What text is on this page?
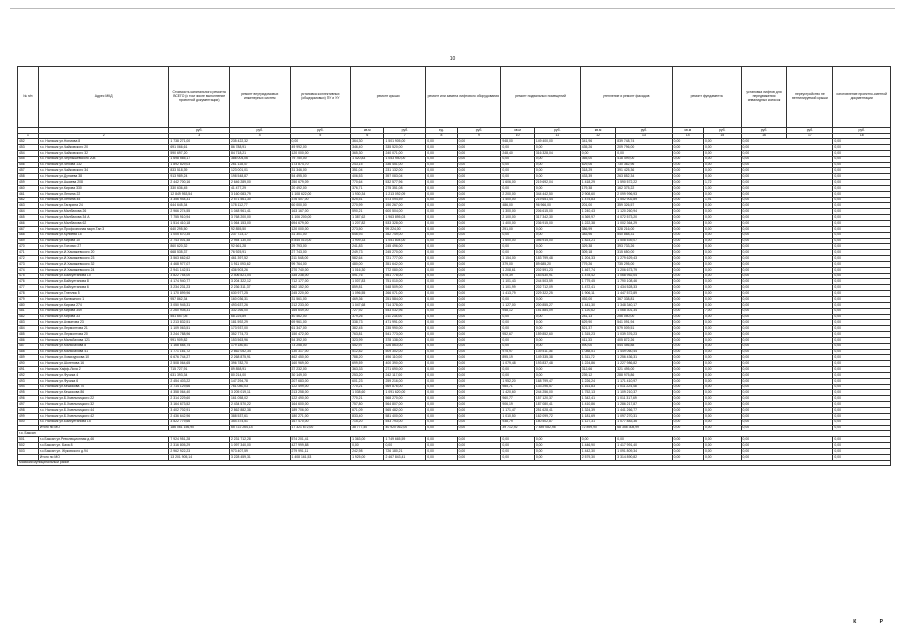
10
№ п/п	Адрес МКД	Стоимость капитального ремонта ВСЕГО (с том числе выполнение проектной документации)	ремонт внутридомовых инженерных систем	установка коллективных (общедомовых) ПУ и УУ	ремонт крыши		ремонт или замена лифтового оборудования		ремонт подвальных помещений		утепление и ремонт фасадов		ремонт фундамента		установка лифтов для передвижения инвалидных колясок	переустройство не вентилируемой крыши	изготовление проектно-сметной документации
		руб.	руб.	руб.	кв.м	руб.	ед.	руб.	кв.м	руб.	кв.м	руб.	кв.м	руб.	руб.	руб.	руб.
1	2	3	4	5	6	7	8	9	10	11	12	13	14	15	16	17	18
452	г.о. Нальчик ул.Ногмова 8	1 738 271,00	235 422,32	0,00	364,30	1 501 905,00	0,00	0,00	948,00	149 400,00	341,96	839 748,74	0,00	0,00	0,00		0,00
453	г.о. Нальчик ул.Чайковского 20	691 066,61	86 788,91	49 992,00	346,40	335 520,00	0,00	0,00	0,00	0,00	435,26	209 796,00	0,00	0,00	0,00		0,00
454	г.о. Нальчик ул.Чайковского 32	590 697,20	84 718,21	120 000,00	365,30	240 071,00	0,00	0,00	248,40	316 328,04	0,00	0,00	0,00	0,00	0,00		0,00
455	г.о. Нальчик ул.Чернышевского 208	1 698 565,17	386 004,06	79 750,00	1 420,83	1 053 940,00	0,00	0,00	0,00	0,00	365,00	418 499,00	0,00	0,00	0,00		0,00
456	г.о. Нальчик ул.Чехова 132	1 892 829,03	261 118,47	173 874,70	243,15	336 451,00	0,00	0,00	0,00	0,00	629,06	730 362,96	0,00	0,00	0,00		0,00
457	г.о. Нальчик ул.Чайковского 34	833 518,39	123 001,01	31 346,00	351,04	231 132,00	0,00	0,00	0,00	0,00	318,29	391 425,36	0,00	0,00	0,00		0,00
458	г.о. Нальчик ул.Дунаева 38	913 989,24	198 548,87	54 495,00	406,53	397 083,04	0,00	0,00	0,00	0,00	433,39	263 852,34	0,00	0,00	0,00		0,00
459	г.о. Нальчик ул.Ашаева 208	2 442 700,16	2 646 289,00	250 679,09	770,64	532 577,96	0,00	0,00	1 606,00	219 692,04	1 418,29	1 590 572,22	0,00	1,72	0,00		0,00
460	г.о. Нальчик ул.Кирова 330	330 636,45	41 477,29	20 492,00	376,71	275 351,08	0,00	0,00	0,00	0,00	179,38	162 375,22	0,00	1,00	0,00		0,00
461	г.о. Нальчик ул.Ленина 22	12 849 953,54	3 160 083,79	1 108 622,00	1 930,34	1 213 092,09	0,00	0,00	2 200,00	344 442,50	2 908,60	2 099 996,93	0,00	0,00	0,00		0,00
462	г.о. Нальчик ул.Ленина 45	3 356 944,31	2 571 561,30	376 407,00	825,51	573 094,59	0,00	0,00	1 400,00	219 651,44	1 475,83	1 552 902,89	0,00	1,91	0,00		0,00
463	г.о. Нальчик ул.Гагарина 24	644 645,34	178 112,77	60 000,00	270,99	190 267,00	0,00	0,00	486,00	96 966,00	201,00	359 326,57	0,00	0,00	0,00		0,00
464	г.о. Нальчик ул.Малбахова 26	2 966 274,55	1 048 961,41	163 167,00	590,21	600 504,00	0,00	0,00	1 300,00	206 615,00	1 240,43	1 120 260,94	0,00	0,00	0,00		0,00
465	г.о. Нальчик ул.Малбахова 34 А	7 755 910,94	3 768 200,00	1 106 200,00	1 387,62	1 963 895,03	0,00	0,00	2 100,00	317 342,30	4 369,97	4 072 573,20	0,00	0,00	0,00		0,00
466	г.о. Нальчик ул.Малбахова 62	1 514 410,18	1 064 153,00	694 679,00	1 207,82	533 328,00	0,00	0,00	1 400,00	236 915,00	1 222,38	1 002 364,29	0,00	0,00	0,00		0,00
467	г.о. Нальчик ул.Профсоюзная мкрн.Тан 3	640 295,50	92 855,50	120 000,00	273,50	99 224,00	0,00	0,00	291,00	0,00	386,99	328 216,00	0,00	0,00	0,00		0,00
468	г.о. Нальчик ул.Кулиева 15	1 005 670,35	237 723,17	31 301,00	646,93	352 749,00	0,00	0,00	0,00	0,00	383,96	540 868,31	0,00	0,00	0,00		0,00
469	г.о. Нальчик ул.Кирова 10	2 743 001,48	2 954 130,00	8 845 010,00	1 909,33	1 051 804,00	0,00	0,00	1 600,00	356 915,00	1 823,21	1 508 539,07	0,00	0,00	0,00		0,00
470	г.о. Нальчик ул.Головко 27	860 620,32	92 661,28	29 793,00	241,83	245 496,00	0,00	0,00	0,00	0,00	329,38	393 733,26	0,00	0,00	0,00		0,00
471	г.о. Нальчик ул.И.Хамажевского 20	668 535,37	76 925,91	27 743,00	249,73	245 270,00	0,00	0,00	0,00	0,00	309,18	315 650,00	0,00	0,00	0,00		0,00
472	г.о. Нальчик ул.И.Хамажевского 23	3 563 662,62	461 397,52	211 548,00	582,64	721 777,00	0,00	0,00	1 154,00	183 799,48	1 204,33	1 279 629,43	0,00	0,00	0,00		0,00
473	г.о. Нальчик ул.И.Хамажевского 32	4 468 977,07	1 911 093,62	99 764,00	480,00	351 642,00	0,00	0,00	379,00	89 685,20	779,26	735 295,00	0,00	0,00	0,00		0,00
474	г.о. Нальчик ул.И.Хамажевского 24	2 941 142,51	436 903,26	270 740,00	1 016,30	772 080,00	0,00	0,00	1 208,61	202 591,23	1 467,74	1 206 673,79	0,00	0,00	0,00		0,00
475	г.о. Нальчик ул.Байсултанова 10	3 822 754,00	2 406 821,04	335 238,00	591,76	551 778,00	0,00	0,00	575,39	183 630,91	1 478,42	1 068 952,04	0,00	0,00	0,00		0,00
476	г.о. Нальчик ул.Байсултанова 8	4 174 940,77	3 204 322,12	712 177,00	1 007,83	751 010,00	0,00	0,00	1 101,43	244 503,59	1 779,45	1 790 108,46	0,00	0,00	0,00		0,00
477	г.о. Нальчик ул.Байсултанова 6	3 234 231,23	2 236 311,37	662 152,00	859,81	548 509,00	0,00	0,00	1 101,99	202 712,09	1 472,41	1 434 528,33	0,00	0,00	0,00		0,00
478	г.о. Нальчик ул.Тлеплик 5	1 170 899,96	630 977,25	245 220,00	1 096,55	266 071,00	0,00	0,00	1 413,79	229 322,25	1 906,11	1 447 572,89	0,00	0,00	0,00		0,00
479	г.о. Нальчик ул.Калюжного 1	957 862,34	160 036,31	31 561,00	469,36	251 584,00	0,00	0,00	0,00	0,00	492,00	367 338,81	0,00	0,00	0,00		0,00
480	г.о. Нальчик ул.Кирова 274	3 050 945,31	493 637,26	212 233,00	1 047,68	714 378,00	0,00	0,00	1 127,00	200 855,27	1 441,30	1 348 340,17	0,00	0,00	0,00		0,00
481	г.о. Нальчик ул.Кирова 349	2 260 908,31	332 266,00	165 649,00	727,92	543 032,96	0,00	0,00	948,12	151 884,09	1 120,62	1 068 301,34	0,00	7,00	0,00		0,00
482	г.о. Нальчик ул.Кирова 33	551 657,05	68 225,89	40 462,00	379,26	211 234,00	0,00	0,00	0,00	0,00	281,13	256 050,00	0,00	0,00	0,00		0,00
483	г.о. Нальчик ул.Ахматова 23	1 213 832,51	181 592,29	69 961,00	338,73	471 991,00	0,00	0,00	0,00	0,00	629,90	541 091,94	0,00	0,00	0,00		0,00
484	г.о. Нальчик ул.Лермонтова 21	1 109 063,51	173 937,00	61 347,00	382,45	235 990,00	0,00	0,00	0,00	0,00	521,37	579 009,51	0,00	0,00	0,00		0,00
485	г.о. Нальчик ул.Лермонтова 20	3 244 788,96	352 774,73	150 472,00	763,81	541 773,00	0,00	0,00	952,67	159 852,60	1 315,23	1 039 376,23	0,00	0,00	0,00		0,00
486	г.о. Нальчик ул.Мальбахова 121	991 909,82	153 563,96	54 392,00	323,99	378 138,00	0,00	0,00	0,00	0,00	411,33	405 872,26	0,00	0,00	0,00		0,00
487	г.о. Нальчик ул.Мальбахова 8	1 168 684,74	179 180,81	73 258,00	452,97	326 863,00	0,00	0,00	0,00	0,00	590,00	544 456,88	0,00	0,00	0,00		0,00
488	г.о. Нальчик ул.Мальбахова 41	1 771 161,72	2 662 052,34	130 317,00	512,82	509 302,00	0,00	0,00	975,97	139 511,36	1 088,51	1 449 060,44	0,00	0,00	0,00		0,00
489	г.о. Нальчик ул.Хомизуркова 10	6 676 744,27	2 268 875,91	462 450,00	788,20	496 110,00	0,00	0,00	895,19	149 335,38	1 311,72	1 256 436,31	0,00	0,00	0,00		0,00
490	г.о. Нальчик ул.Шогенова 16	2 508 064,65	396 782,70	160 969,00	699,59	400 390,00	0,00	0,00	1 079,48	193 837,48	1 224,86	1 227 986,82	0,00	0,00	0,00		0,00
491	г.о. Нальчик Хафф-Лоха 2	715 727,91	89 858,91	37 232,00	363,33	271 690,00	0,00	0,00	0,00	0,00	312,66	321 495,00	0,00	0,00	0,00		0,00
492	г.о. Нальчик ул.Фучика 4	631 393,34	80 214,00	30 149,00	253,20	242 117,00	0,00	0,00	0,00	0,00	239,12	288 975,86	0,00	0,00	0,00		0,00
493	г.о. Нальчик ул.Фучика 6	2 454 403,22	147 294,78	207 683,00	601,23	259 216,00	0,00	0,00	1 952,20	168 799,47	1 226,24	1 171 410,97	0,00	0,00	0,00		0,00
494	г.о. Нальчик ул.Кешокова 70	2 714 129,66	761 080,03	122 499,00	770,21	569 876,00	0,00	0,00	985,71	133 296,57	1 161,83	1 011 224,48	0,00	0,00	0,00		0,00
495	г.о. Нальчик ул.Кешокова 86	4 358 064,40	3 205 019,11	213 258,00	1 038,60	1 091 620,00	0,00	0,00	1 420,60	244 256,00	1 752,13	1 109 210,37	0,00	0,00	0,00		0,00
496	г.о. Нальчик ул.Б.Хмельницкого 22	2 314 229,60	161 058,02	122 490,00	770,21	568 270,00	0,00	0,00	960,77	157 120,37	1 342,41	1 011 317,69	0,00	0,00	0,00		0,00
497	г.о. Нальчик ул.Б.Хмельницкого 32	3 164 673,52	2 434 570,22	164 600,00	757,80	564 807,00	0,00	0,00	906,19	187 080,41	1 410,86	1 286 217,87	0,00	0,00	0,00		0,00
498	г.о. Нальчик ул.Б.Хмельницкого 44	3 402 702,91	2 862 882,38	189 706,00	671,09	565 482,00	0,00	0,00	1 171,47	251 628,41	1 324,39	1 441 266,77	0,00	0,00	0,00		0,00
499	г.о. Нальчик ул.Б.Хмельницкого 42	2 436 642,96	388 537,61	180 271,00	833,40	581 400,00	0,00	0,00	1 010,50	162 099,72	1 181,69	1 097 270,31	0,00	0,00	0,00		0,00
500	г.о. Нальчик ул.Байсултанова 15	3 522 779,66	354 374,51	167 470,00	715,20	543 793,00	0,00	0,00	938,79	180 502,87	1 127,31	1 077 883,36	0,00	0,00	0,00		0,00
	Итого по МО	186 061 156,90	65 722 264,14	17 321 672,00	38 777,40	40 920 062,00	0,00	0,00	39 712,92	7 489 082,98	72 899,90	68 358 308,99	0,00	0,00	0,00		0,00
г.о. Баксан																	
501	г.о.Баксан ул.Революционная д.46	7 924 951,28	2 231 712,28	574 201,41	1 363,00	1 749 665,59	0,00	0,00	0,00	0,00	0,00	0,00	0,00	0,00	0,00		0,00
502	г.о.Баксан ул. Баха 8	2 316 805,29	1 097 340,00	427 999,88	0,00	0,00	0,00	0,00	0,00	0,00	1 446,90	1 417 991,40	0,00	0,00	0,00		0,00
503	г.о.Баксан ул. Жуковского д.94	2 962 922,23	973 407,59	279 991,11	242,98	726 180,21	0,00	0,00	0,00	0,00	1 442,30	1 091 809,34	0,00	0,00	0,00		0,00
	Итого по МО	13 201 905,14	3 228 459,31	1 408 161,53	1 925,00	2 467 843,41	0,00	0,00	0,00	0,00	2 579,30	3 314 890,82	0,00	0,00	0,00		0,00
Майский муниципальный район																	
К	Р
